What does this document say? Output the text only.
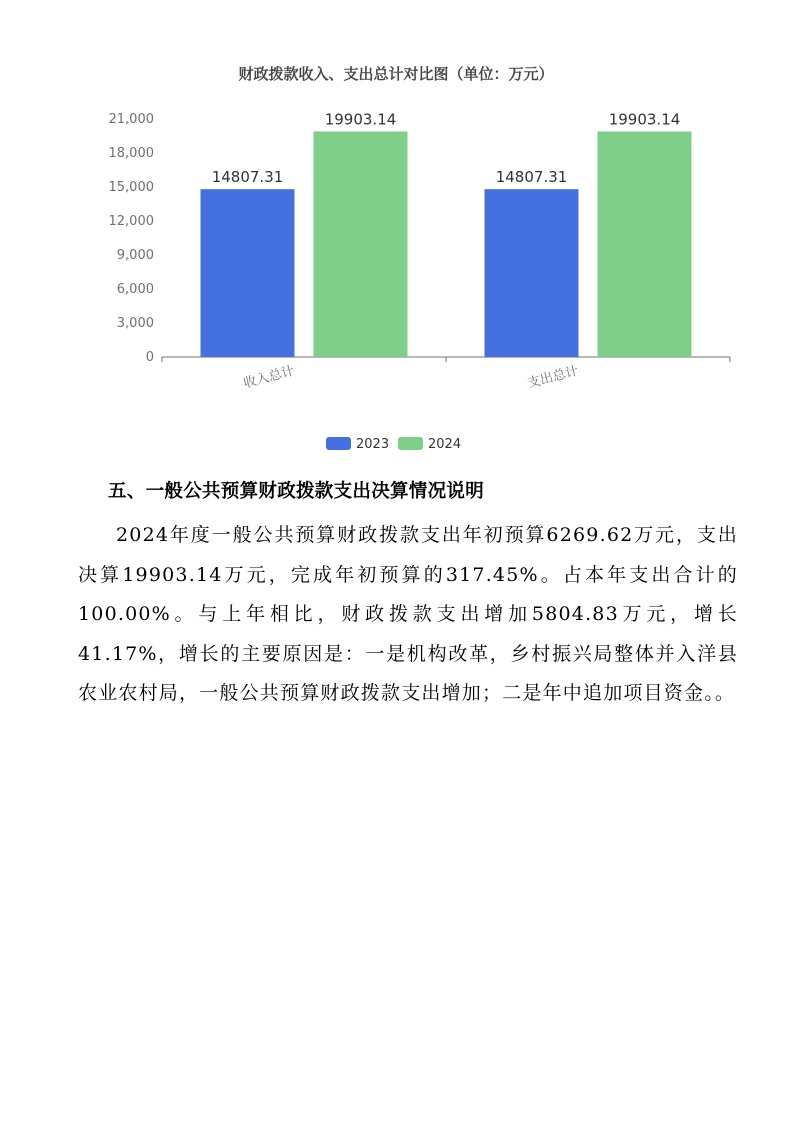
财政拨款收入、支出总计对比图（单位：万元）
0
3,000
6,000
9,000
12,000
15,000
18,000
21,000
收入总计	支出总计
14807.31
19903.14
14807.31
19903.14
2023	2024

五、一般公共预算财政拨款支出决算情况说明

2024年度一般公共预算财政拨款支出年初预算6269.62万元，支出决算19903.14万元，完成年初预算的317.45%。占本年支出合计的100.00%。与上年相比，财政拨款支出增加5804.83万元，增长41.17%，增长的主要原因是：一是机构改革，乡村振兴局整体并入洋县农业农村局，一般公共预算财政拨款支出增加；二是年中追加项目资金。。
